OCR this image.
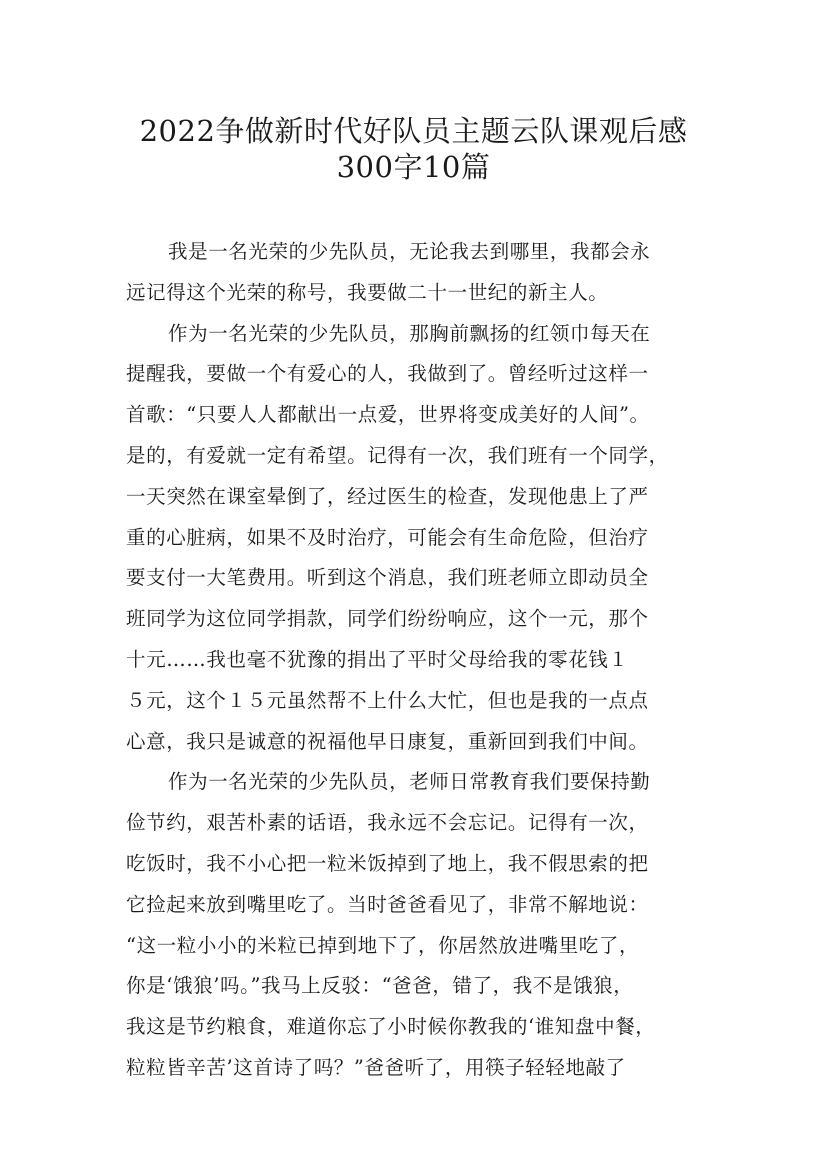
2022争做新时代好队员主题云队课观后感
300字10篇
我是一名光荣的少先队员，无论我去到哪里，我都会永
远记得这个光荣的称号，我要做二十一世纪的新主人。
作为一名光荣的少先队员，那胸前飘扬的红领巾每天在
提醒我，要做一个有爱心的人，我做到了。曾经听过这样一
首歌：“只要人人都献出一点爱，世界将变成美好的人间”。
是的，有爱就一定有希望。记得有一次，我们班有一个同学，
一天突然在课室晕倒了，经过医生的检查，发现他患上了严
重的心脏病，如果不及时治疗，可能会有生命危险，但治疗
要支付一大笔费用。听到这个消息，我们班老师立即动员全
班同学为这位同学捐款，同学们纷纷响应，这个一元，那个
十元……我也毫不犹豫的捐出了平时父母给我的零花钱１
５元，这个１５元虽然帮不上什么大忙，但也是我的一点点
心意，我只是诚意的祝福他早日康复，重新回到我们中间。
作为一名光荣的少先队员，老师日常教育我们要保持勤
俭节约，艰苦朴素的话语，我永远不会忘记。记得有一次，
吃饭时，我不小心把一粒米饭掉到了地上，我不假思索的把
它捡起来放到嘴里吃了。当时爸爸看见了，非常不解地说：
“这一粒小小的米粒已掉到地下了，你居然放进嘴里吃了，
你是‘饿狼’吗。”我马上反驳：“爸爸，错了，我不是饿狼，
我这是节约粮食，难道你忘了小时候你教我的‘谁知盘中餐，
粒粒皆辛苦’这首诗了吗？”爸爸听了，用筷子轻轻地敲了
